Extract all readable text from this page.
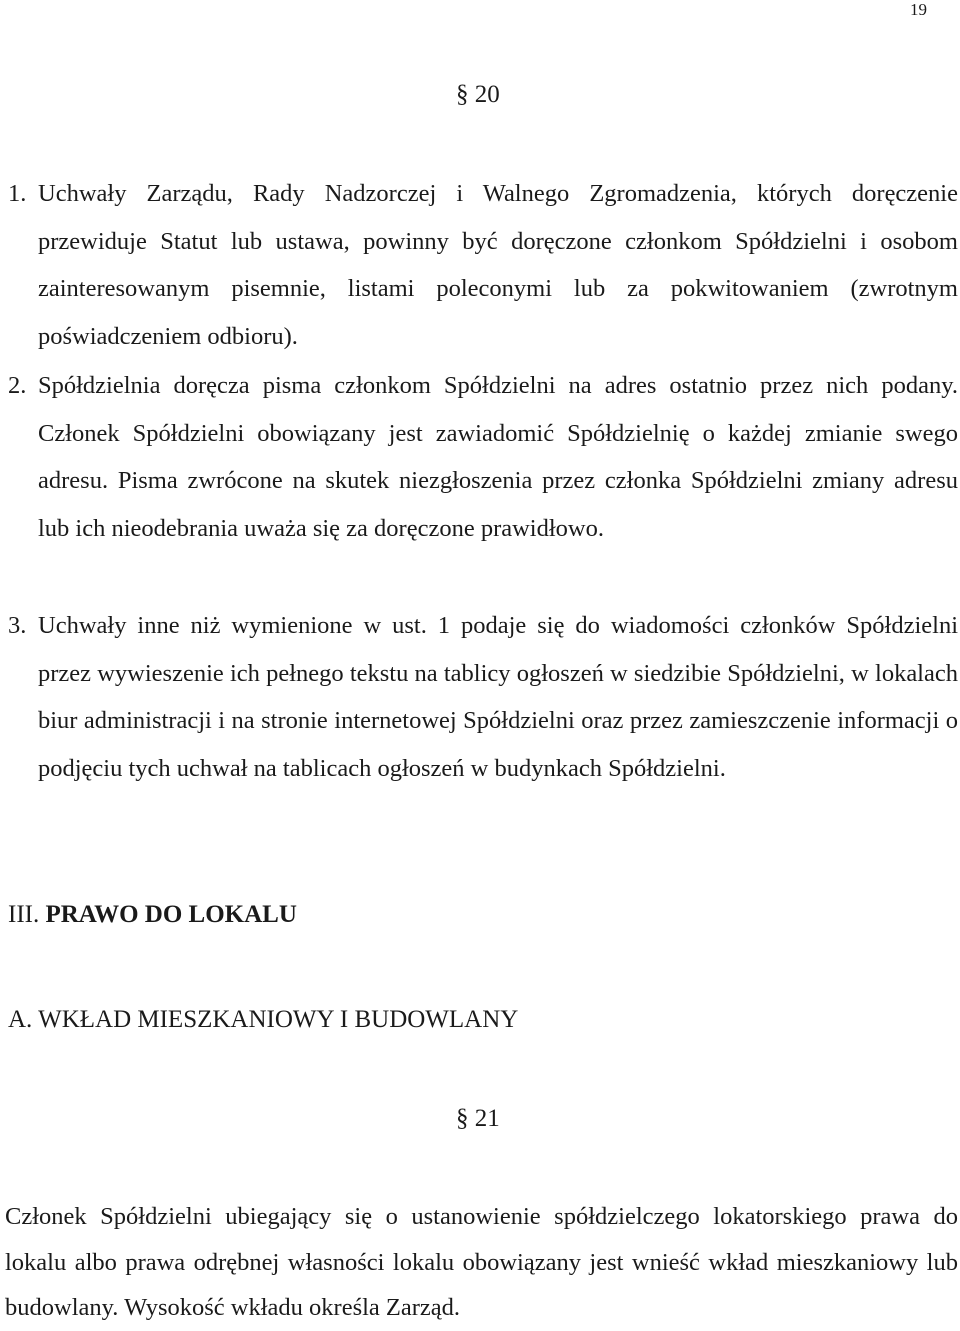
19
§ 20
1. Uchwały Zarządu, Rady Nadzorczej i Walnego Zgromadzenia, których doręczenie przewiduje Statut lub ustawa, powinny być doręczone członkom Spółdzielni i osobom zainteresowanym pisemnie, listami poleconymi lub za pokwitowaniem (zwrotnym poświadczeniem odbioru).
2. Spółdzielnia doręcza pisma członkom Spółdzielni na adres ostatnio przez nich podany. Członek Spółdzielni obowiązany jest zawiadomić Spółdzielnię o każdej zmianie swego adresu. Pisma zwrócone na skutek niezgłoszenia przez członka Spółdzielni zmiany adresu lub ich nieodebrania uważa się za doręczone prawidłowo.
3. Uchwały inne niż wymienione w ust. 1 podaje się do wiadomości członków Spółdzielni przez wywieszenie ich pełnego tekstu na tablicy ogłoszeń w siedzibie Spółdzielni, w lokalach biur administracji i na stronie internetowej Spółdzielni oraz przez zamieszczenie informacji o podjęciu tych uchwał na tablicach ogłoszeń w budynkach Spółdzielni.
III. PRAWO DO LOKALU
A. WKŁAD MIESZKANIOWY I BUDOWLANY
§ 21
Członek Spółdzielni ubiegający się o ustanowienie spółdzielczego lokatorskiego prawa do lokalu albo prawa odrębnej własności lokalu obowiązany jest wnieść wkład mieszkaniowy lub budowlany. Wysokość wkładu określa Zarząd.
